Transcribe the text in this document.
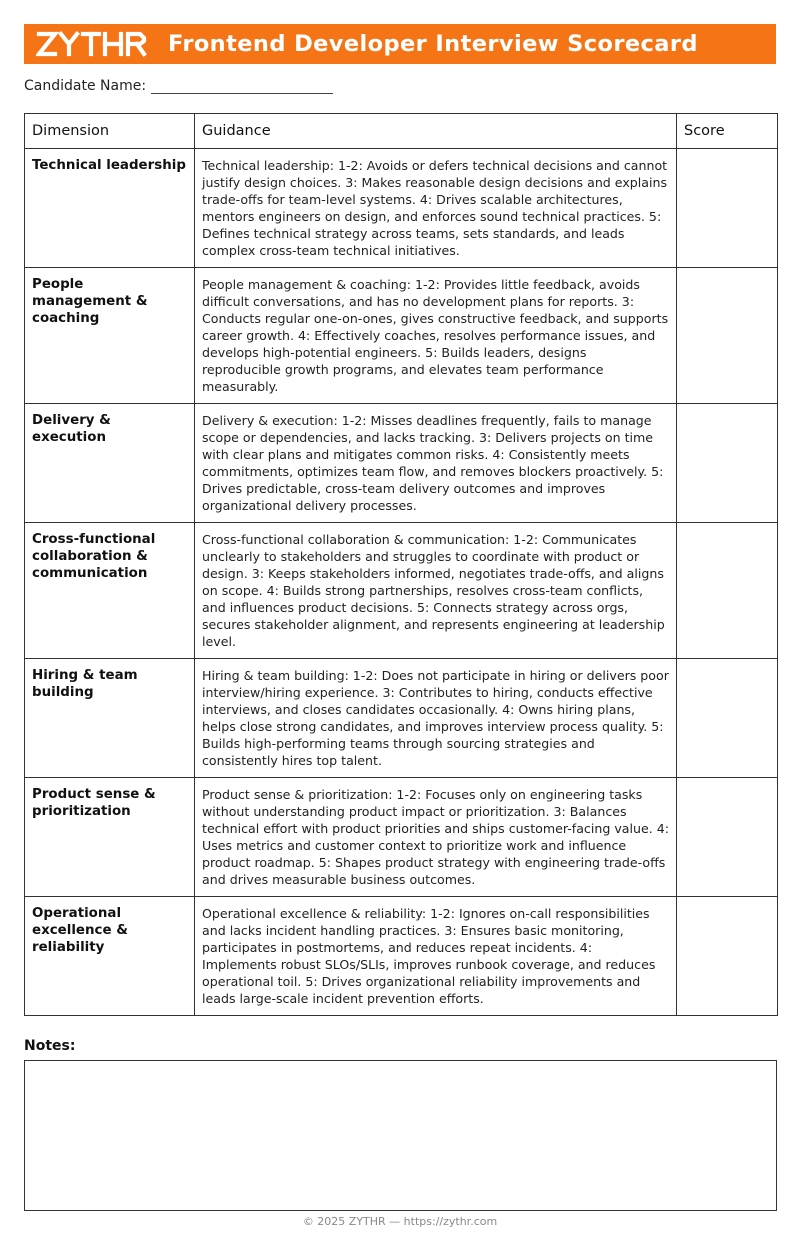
Frontend Developer Interview Scorecard
Candidate Name:
Dimension	Guidance	Score
Technical leadership	Technical leadership: 1-2: Avoids or defers technical decisions and cannot justify design choices. 3: Makes reasonable design decisions and explains trade-offs for team-level systems. 4: Drives scalable architectures, mentors engineers on design, and enforces sound technical practices. 5: Defines technical strategy across teams, sets standards, and leads complex cross-team technical initiatives.	
People management & coaching	People management & coaching: 1-2: Provides little feedback, avoids difficult conversations, and has no development plans for reports. 3: Conducts regular one-on-ones, gives constructive feedback, and supports career growth. 4: Effectively coaches, resolves performance issues, and develops high-potential engineers. 5: Builds leaders, designs reproducible growth programs, and elevates team performance measurably.	
Delivery & execution	Delivery & execution: 1-2: Misses deadlines frequently, fails to manage scope or dependencies, and lacks tracking. 3: Delivers projects on time with clear plans and mitigates common risks. 4: Consistently meets commitments, optimizes team flow, and removes blockers proactively. 5: Drives predictable, cross-team delivery outcomes and improves organizational delivery processes.	
Cross-functional collaboration & communication	Cross-functional collaboration & communication: 1-2: Communicates unclearly to stakeholders and struggles to coordinate with product or design. 3: Keeps stakeholders informed, negotiates trade-offs, and aligns on scope. 4: Builds strong partnerships, resolves cross-team conflicts, and influences product decisions. 5: Connects strategy across orgs, secures stakeholder alignment, and represents engineering at leadership level.	
Hiring & team building	Hiring & team building: 1-2: Does not participate in hiring or delivers poor interview/hiring experience. 3: Contributes to hiring, conducts effective interviews, and closes candidates occasionally. 4: Owns hiring plans, helps close strong candidates, and improves interview process quality. 5: Builds high-performing teams through sourcing strategies and consistently hires top talent.	
Product sense & prioritization	Product sense & prioritization: 1-2: Focuses only on engineering tasks without understanding product impact or prioritization. 3: Balances technical effort with product priorities and ships customer-facing value. 4: Uses metrics and customer context to prioritize work and influence product roadmap. 5: Shapes product strategy with engineering trade-offs and drives measurable business outcomes.	
Operational excellence & reliability	Operational excellence & reliability: 1-2: Ignores on-call responsibilities and lacks incident handling practices. 3: Ensures basic monitoring, participates in postmortems, and reduces repeat incidents. 4: Implements robust SLOs/SLIs, improves runbook coverage, and reduces operational toil. 5: Drives organizational reliability improvements and leads large-scale incident prevention efforts.	
Notes:
© 2025 ZYTHR — https://zythr.com
